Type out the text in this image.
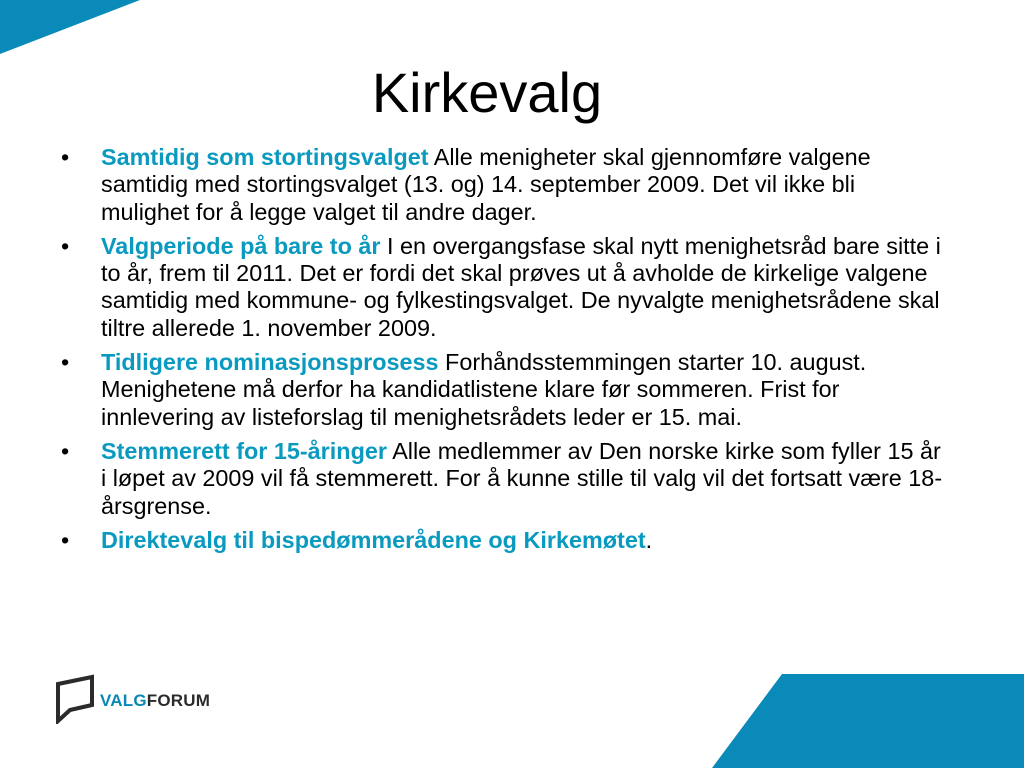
Kirkevalg
• Samtidig som stortingsvalget Alle menigheter skal gjennomføre valgene samtidig med stortingsvalget (13. og) 14. september 2009. Det vil ikke bli mulighet for å legge valget til andre dager.
• Valgperiode på bare to år I en overgangsfase skal nytt menighetsråd bare sitte i to år, frem til 2011. Det er fordi det skal prøves ut å avholde de kirkelige valgene samtidig med kommune- og fylkestingsvalget. De nyvalgte menighetsrådene skal tiltre allerede 1. november 2009.
• Tidligere nominasjonsprosess Forhåndsstemmingen starter 10. august. Menighetene må derfor ha kandidatlistene klare før sommeren. Frist for innlevering av listeforslag til menighetsrådets leder er 15. mai.
• Stemmerett for 15-åringer Alle medlemmer av Den norske kirke som fyller 15 år i løpet av 2009 vil få stemmerett. For å kunne stille til valg vil det fortsatt være 18-årsgrense.
• Direktevalg til bispedømmerådene og Kirkemøtet.
VALGFORUM
